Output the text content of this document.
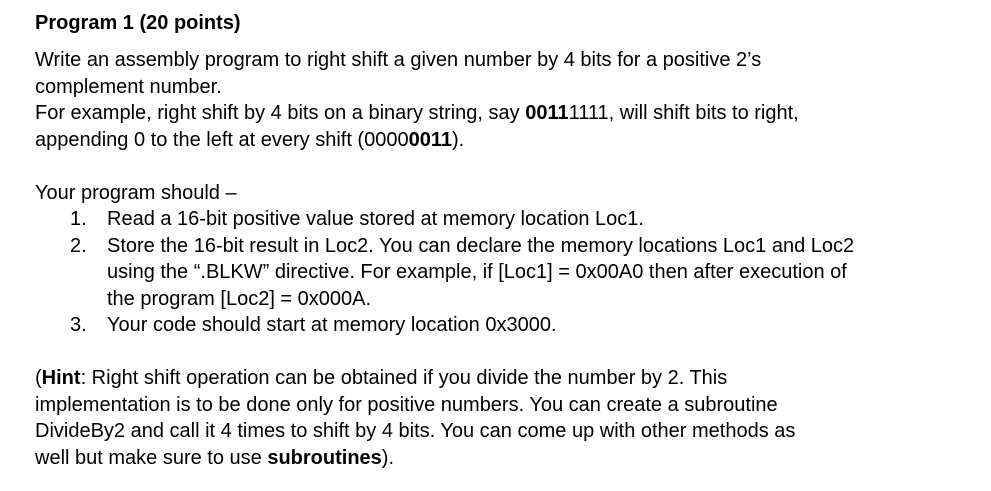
Program 1 (20 points)

Write an assembly program to right shift a given number by 4 bits for a positive 2’s complement number.

For example, right shift by 4 bits on a binary string, say 00111111, will shift bits to right, appending 0 to the left at every shift (00000011).

Your program should –

1. Read a 16-bit positive value stored at memory location Loc1.
2. Store the 16-bit result in Loc2. You can declare the memory locations Loc1 and Loc2 using the “.BLKW” directive. For example, if [Loc1] = 0x00A0 then after execution of the program [Loc2] = 0x000A.
3. Your code should start at memory location 0x3000.

(Hint: Right shift operation can be obtained if you divide the number by 2. This implementation is to be done only for positive numbers. You can create a subroutine DivideBy2 and call it 4 times to shift by 4 bits. You can come up with other methods as well but make sure to use subroutines).
